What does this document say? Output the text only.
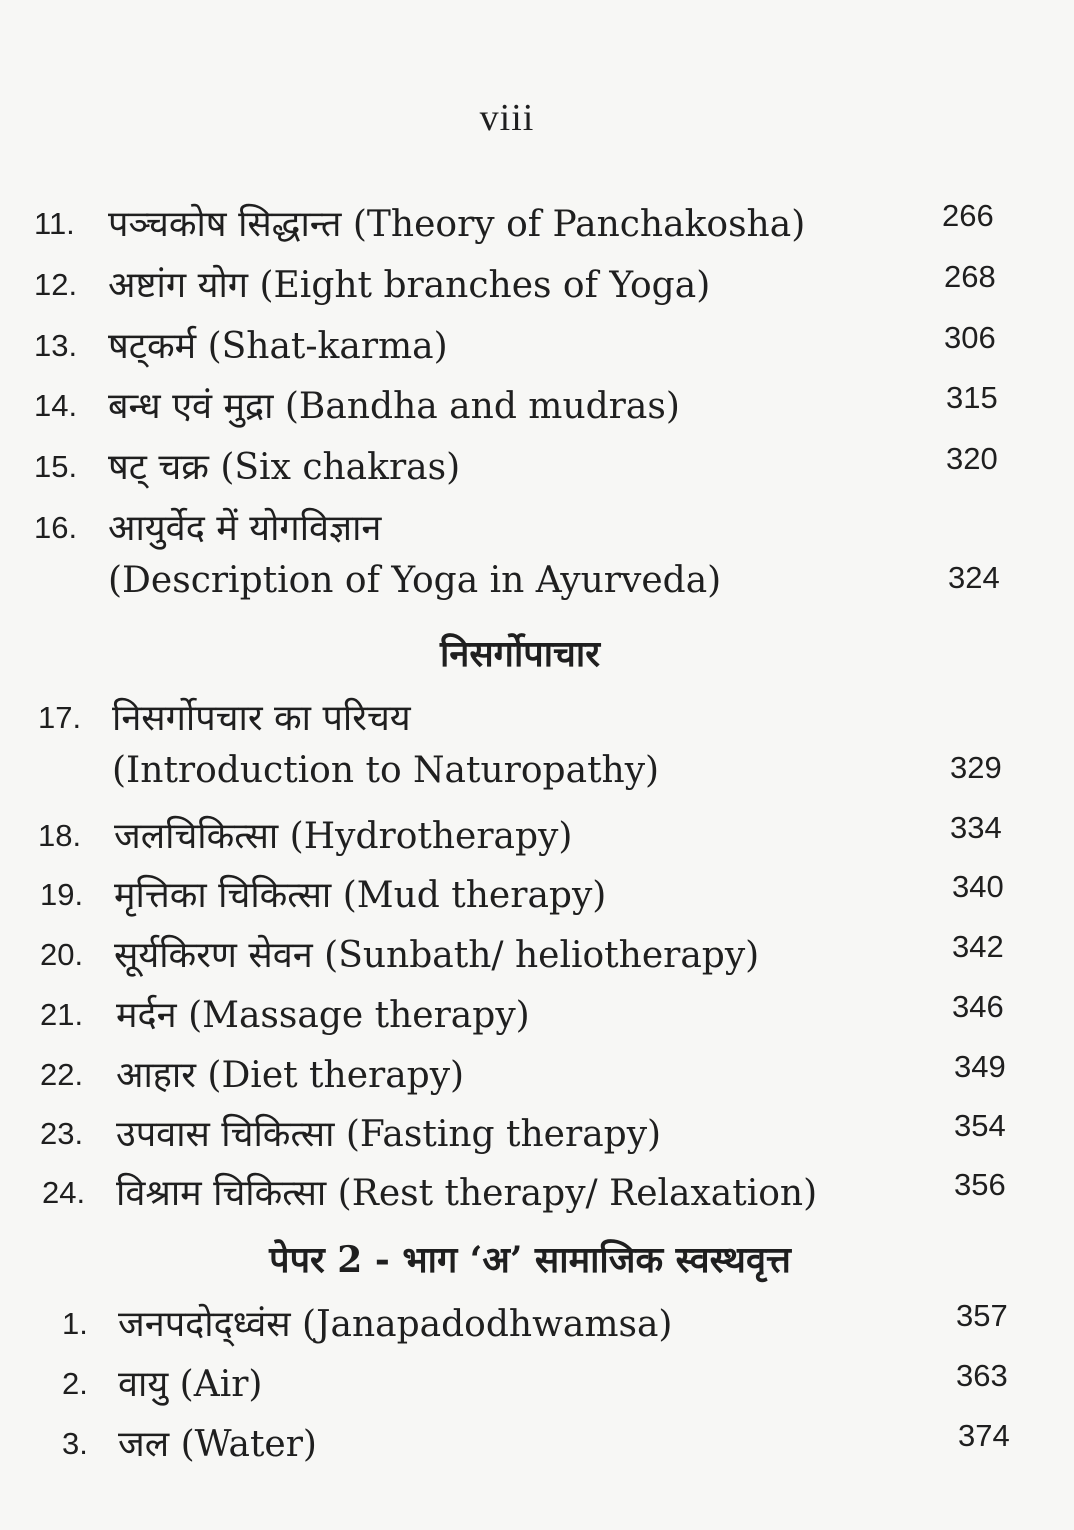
viii
11. पञ्चकोष सिद्धान्त (Theory of Panchakosha)	266
12. अष्टांग योग (Eight branches of Yoga)	268
13. षट्कर्म (Shat-karma)	306
14. बन्ध एवं मुद्रा (Bandha and mudras)	315
15. षट् चक्र (Six chakras)	320
16. आयुर्वेद में योगविज्ञान
(Description of Yoga in Ayurveda)	324
निसर्गोपाचार
17. निसर्गोपचार का परिचय
(Introduction to Naturopathy)	329
18. जलचिकित्सा (Hydrotherapy)	334
19. मृत्तिका चिकित्सा (Mud therapy)	340
20. सूर्यकिरण सेवन (Sunbath/ heliotherapy)	342
21. मर्दन (Massage therapy)	346
22. आहार (Diet therapy)	349
23. उपवास चिकित्सा (Fasting therapy)	354
24. विश्राम चिकित्सा (Rest therapy/ Relaxation)	356
पेपर 2 - भाग ‘अ’ सामाजिक स्वस्थवृत्त
1. जनपदोद्ध्वंस (Janapadodhwamsa)	357
2. वायु (Air)	363
3. जल (Water)	374
